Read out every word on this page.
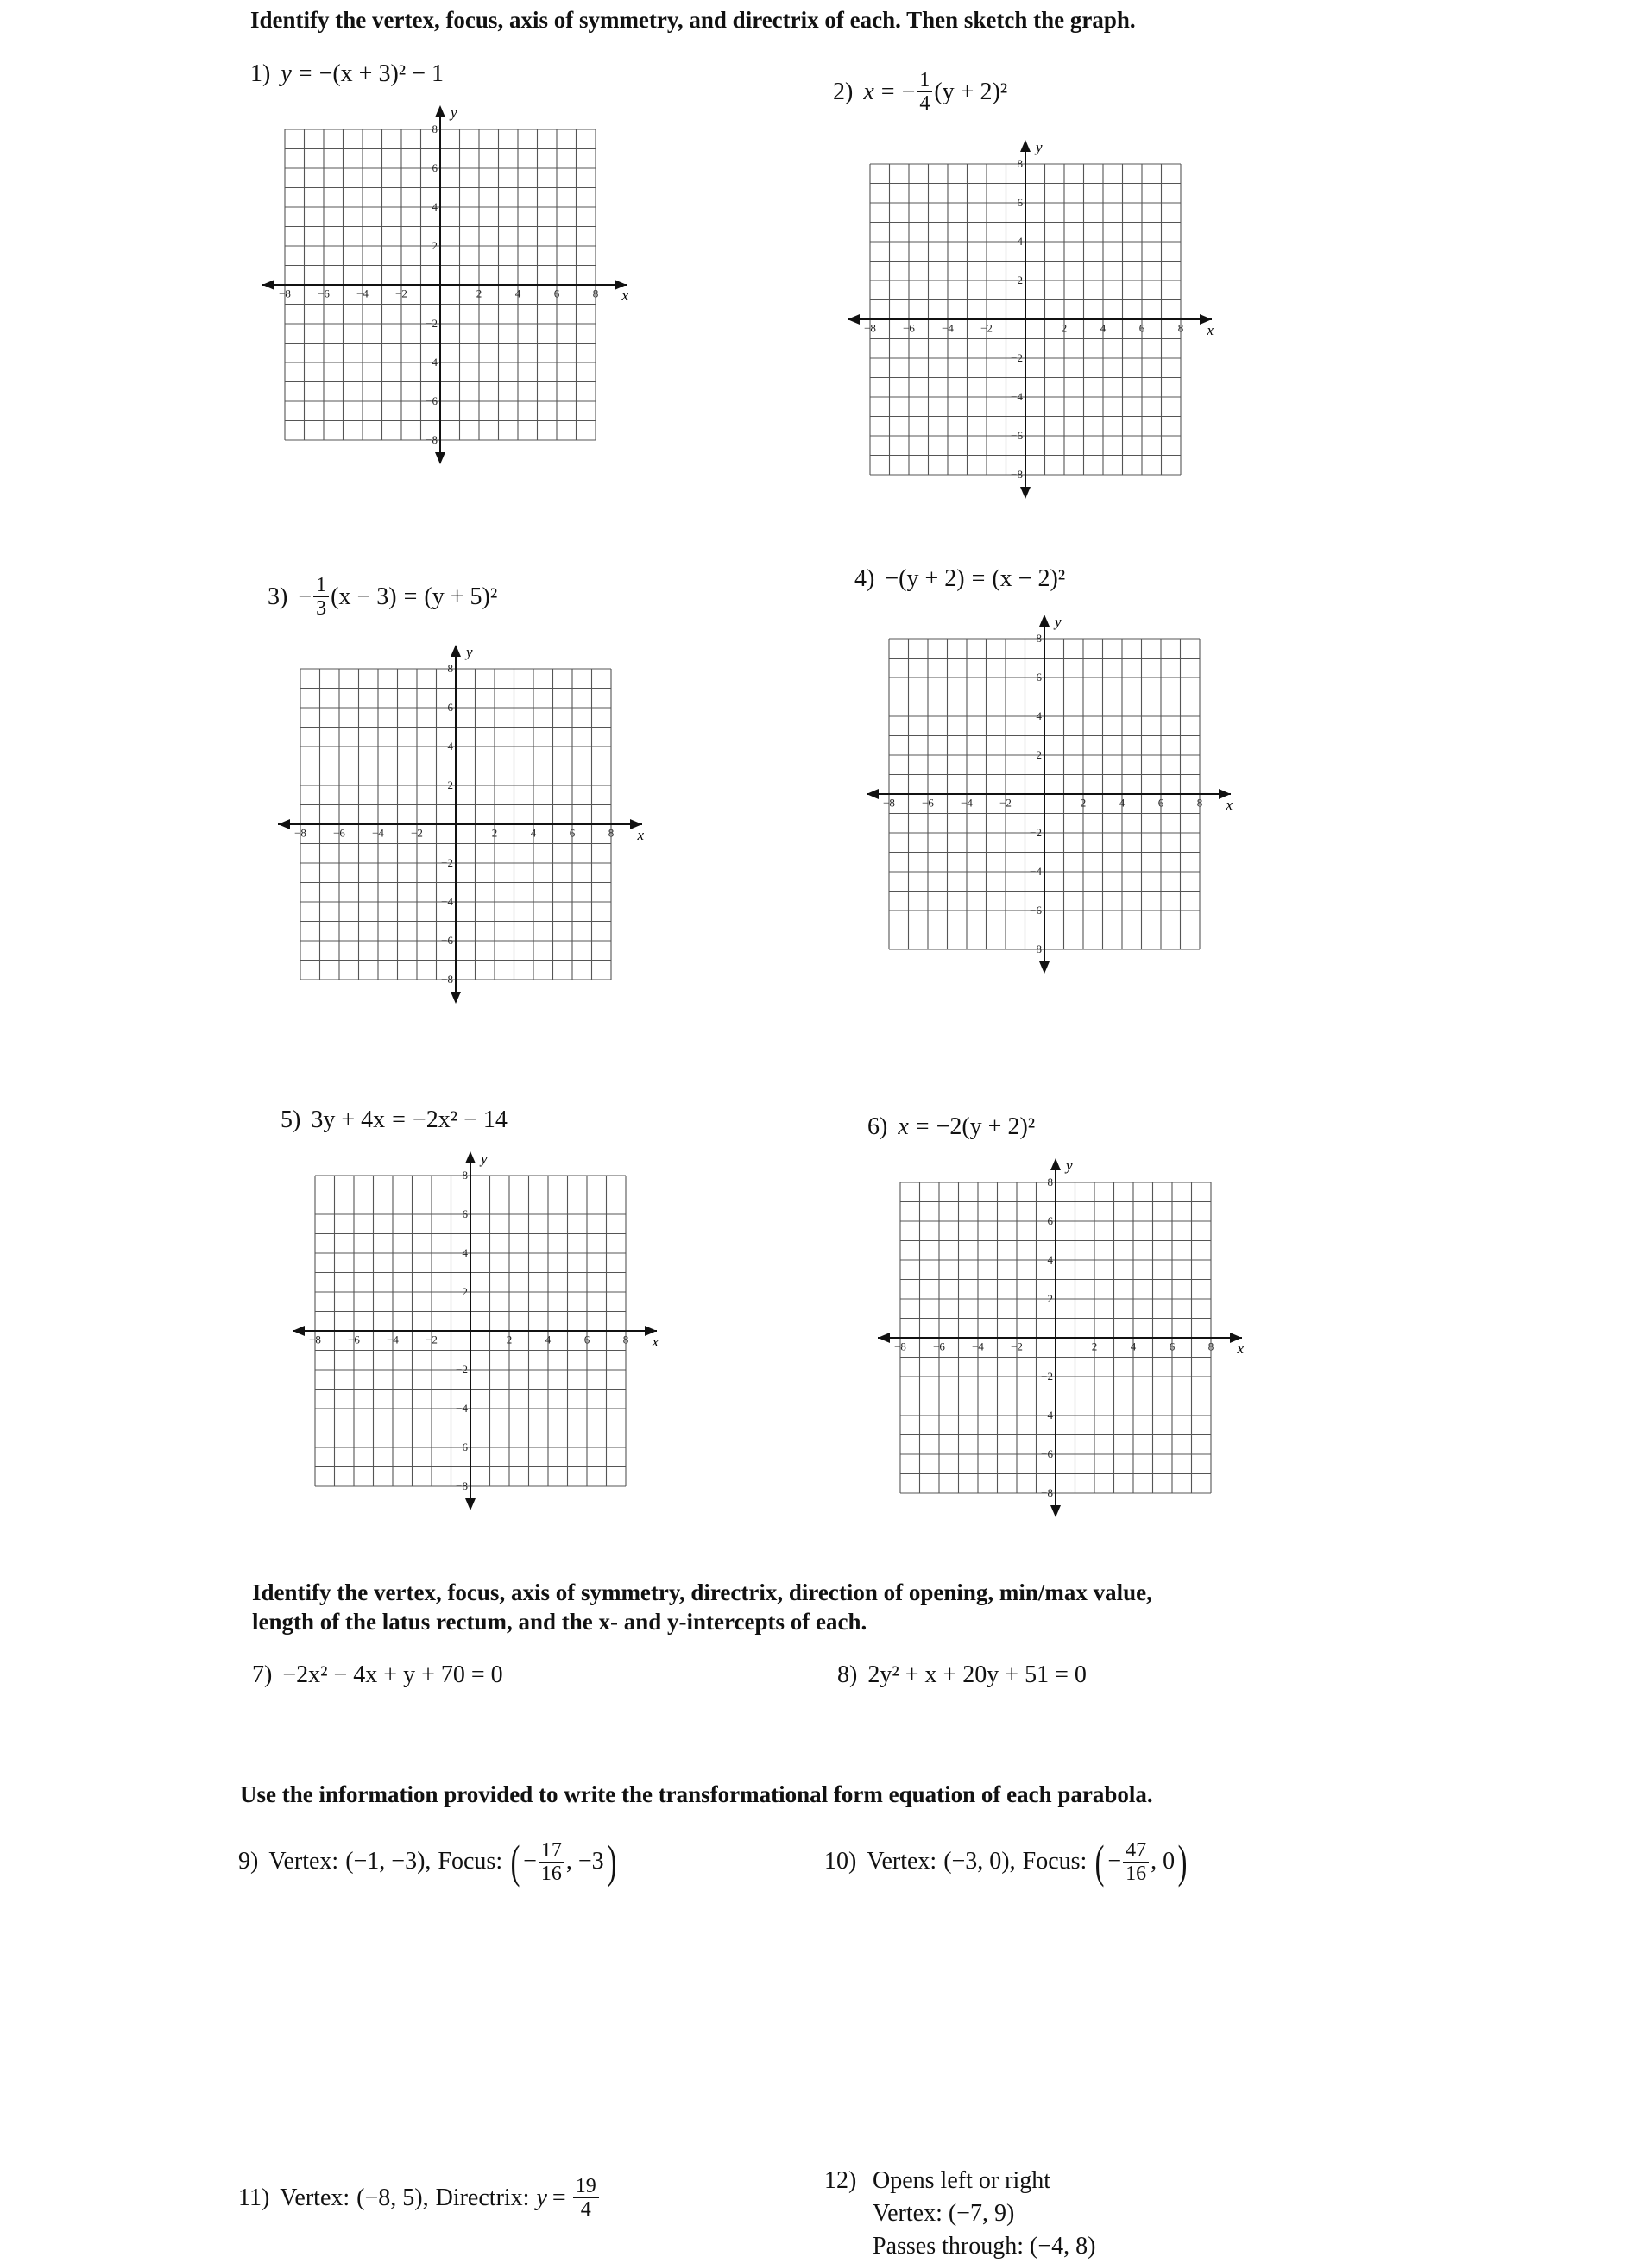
Identify the vertex, focus, axis of symmetry, and directrix of each. Then sketch the graph.
1) y = −(x + 3)² − 1
−8 −6 −4 −2	2	4	6	8
8
6
4
2
−2
−4
−6
−8
x
y
2) x = − $\frac{1}{4} (y + 2)^2$
−8 −6 −4 −2	2	4	6	8
8
6
4
2
−2
−4
−6
−8
x
y
$3) - \frac{1}{3} (x - 3) = (y + 5)^2$
−8 −6 −4 −2	2	4	6	8
8
6
4
2
−2
−4
−6
−8
x
y
4) −(y + 2) = (x − 2)²
−8 −6 −4 −2	2	4	6	8
8
6
4
2
−2
−4
−6
−8
x
y
5) 3y + 4x = −2x² − 14
−8 −6 −4 −2	2	4	6	8
8
6
4
2
−2
−4
−6
−8
x
y
6) x = −2(y + 2)²
−8 −6 −4 −2	2	4	6	8
8
6
4
2
−2
−4
−6
−8
x
y
Identify the vertex, focus, axis of symmetry, directrix, direction of opening, min/max value,
length of the latus rectum, and the x- and y-intercepts of each.
7) −2x² − 4x + y + 70 = 0	8) 2y² + x + 20y + 51 = 0
Use the information provided to write the transformational form equation of each parabola.
9) Vertex: (−1, −3), Focus: ( − $\frac{17}{16}$ , −3 )	10) Vertex: (−3, 0), Focus: ( − $\frac{47}{16}$ , 0 )
11) Vertex: (−8, 5), Directrix: $y = \frac{19}{4}$	12) Opens left or right
Vertex: (−7, 9)
Passes through: (−4, 8)
